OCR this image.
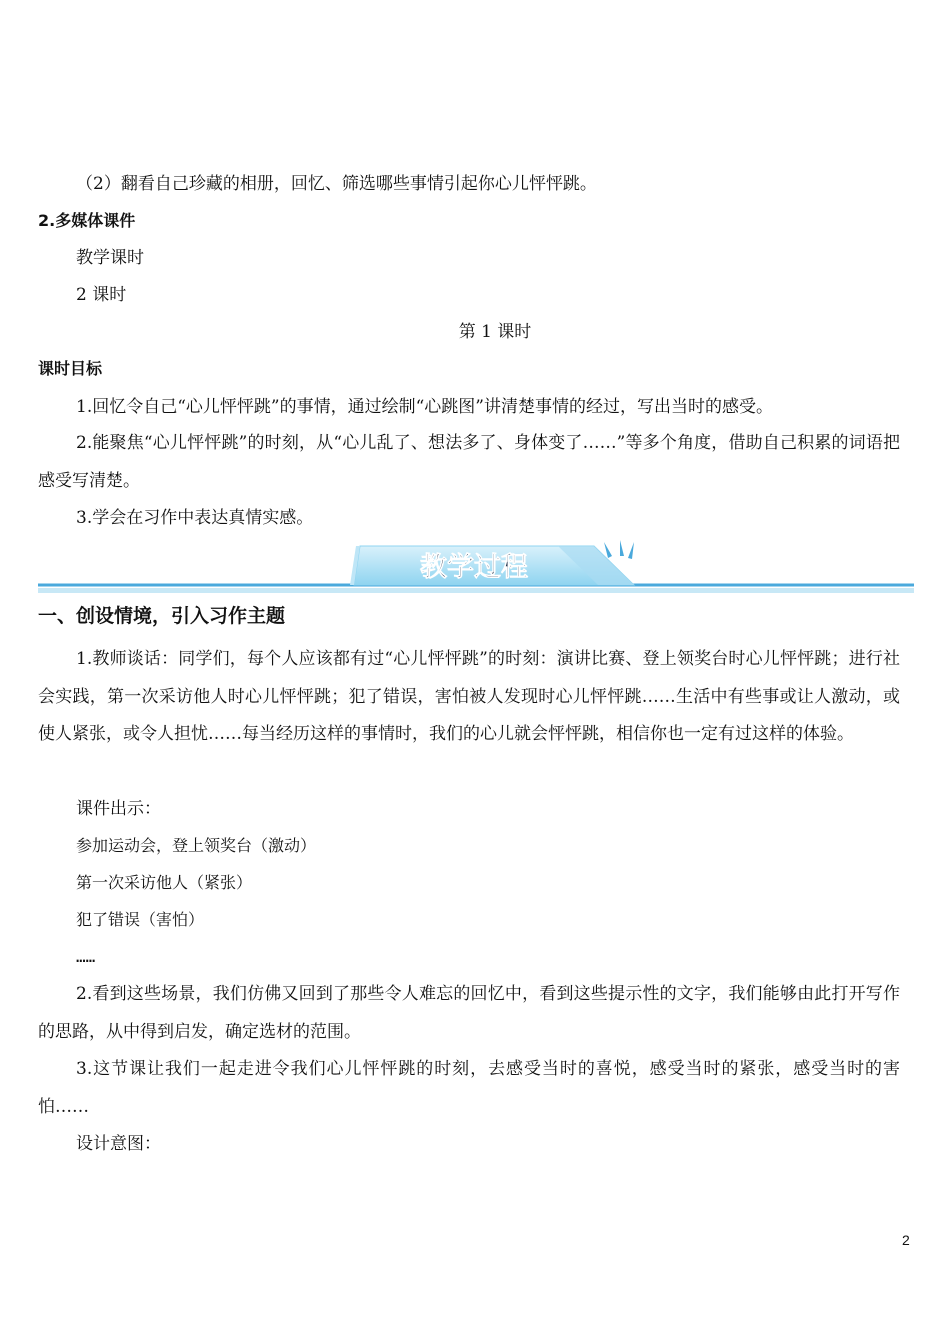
（2）翻看自己珍藏的相册，回忆、筛选哪些事情引起你心儿怦怦跳。
2.多媒体课件
教学课时
2 课时
第 1 课时
课时目标
1.回忆令自己“心儿怦怦跳”的事情，通过绘制“心跳图”讲清楚事情的经过，写出当时的感受。
2.能聚焦“心儿怦怦跳”的时刻，从“心儿乱了、想法多了、身体变了……”等多个角度，借助自己积累的词语把感受写清楚。
3.学会在习作中表达真情实感。
教学过程
一、创设情境，引入习作主题
1.教师谈话：同学们，每个人应该都有过“心儿怦怦跳”的时刻：演讲比赛、登上领奖台时心儿怦怦跳；进行社会实践，第一次采访他人时心儿怦怦跳；犯了错误，害怕被人发现时心儿怦怦跳……生活中有些事或让人激动，或使人紧张，或令人担忧……每当经历这样的事情时，我们的心儿就会怦怦跳，相信你也一定有过这样的体验。
课件出示：
参加运动会，登上领奖台（激动）
第一次采访他人（紧张）
犯了错误（害怕）
……
2.看到这些场景，我们仿佛又回到了那些令人难忘的回忆中，看到这些提示性的文字，我们能够由此打开写作的思路，从中得到启发，确定选材的范围。
3.这节课让我们一起走进令我们心儿怦怦跳的时刻，去感受当时的喜悦，感受当时的紧张，感受当时的害怕……
设计意图：
2
